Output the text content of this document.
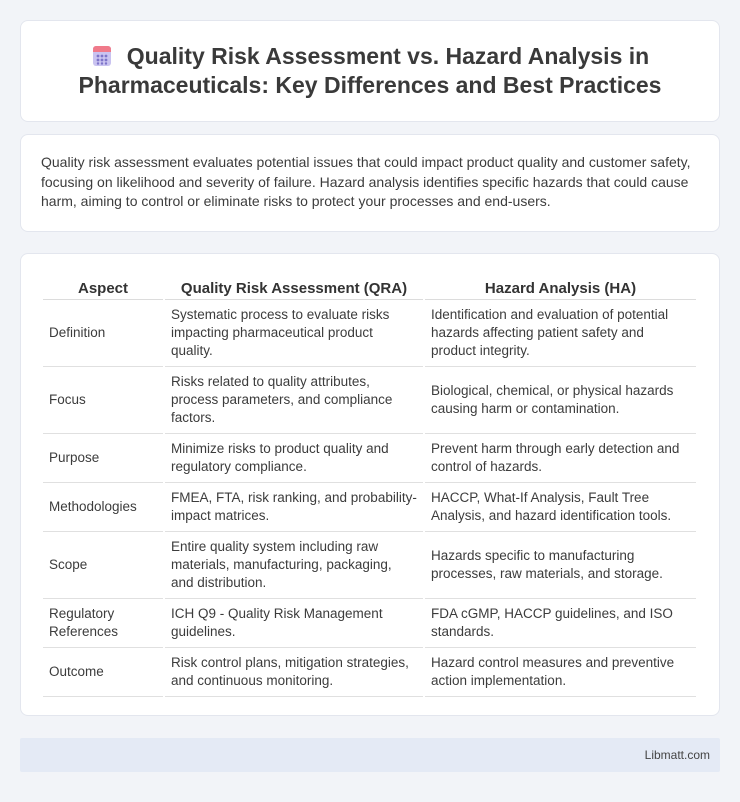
Quality Risk Assessment vs. Hazard Analysis in Pharmaceuticals: Key Differences and Best Practices

Quality risk assessment evaluates potential issues that could impact product quality and customer safety, focusing on likelihood and severity of failure. Hazard analysis identifies specific hazards that could cause harm, aiming to control or eliminate risks to protect your processes and end-users.

Aspect	Quality Risk Assessment (QRA)	Hazard Analysis (HA)
Definition	Systematic process to evaluate risks impacting pharmaceutical product quality.	Identification and evaluation of potential hazards affecting patient safety and product integrity.
Focus	Risks related to quality attributes, process parameters, and compliance factors.	Biological, chemical, or physical hazards causing harm or contamination.
Purpose	Minimize risks to product quality and regulatory compliance.	Prevent harm through early detection and control of hazards.
Methodologies	FMEA, FTA, risk ranking, and probability-impact matrices.	HACCP, What-If Analysis, Fault Tree Analysis, and hazard identification tools.
Scope	Entire quality system including raw materials, manufacturing, packaging, and distribution.	Hazards specific to manufacturing processes, raw materials, and storage.
Regulatory References	ICH Q9 - Quality Risk Management guidelines.	FDA cGMP, HACCP guidelines, and ISO standards.
Outcome	Risk control plans, mitigation strategies, and continuous monitoring.	Hazard control measures and preventive action implementation.
Libmatt.com
